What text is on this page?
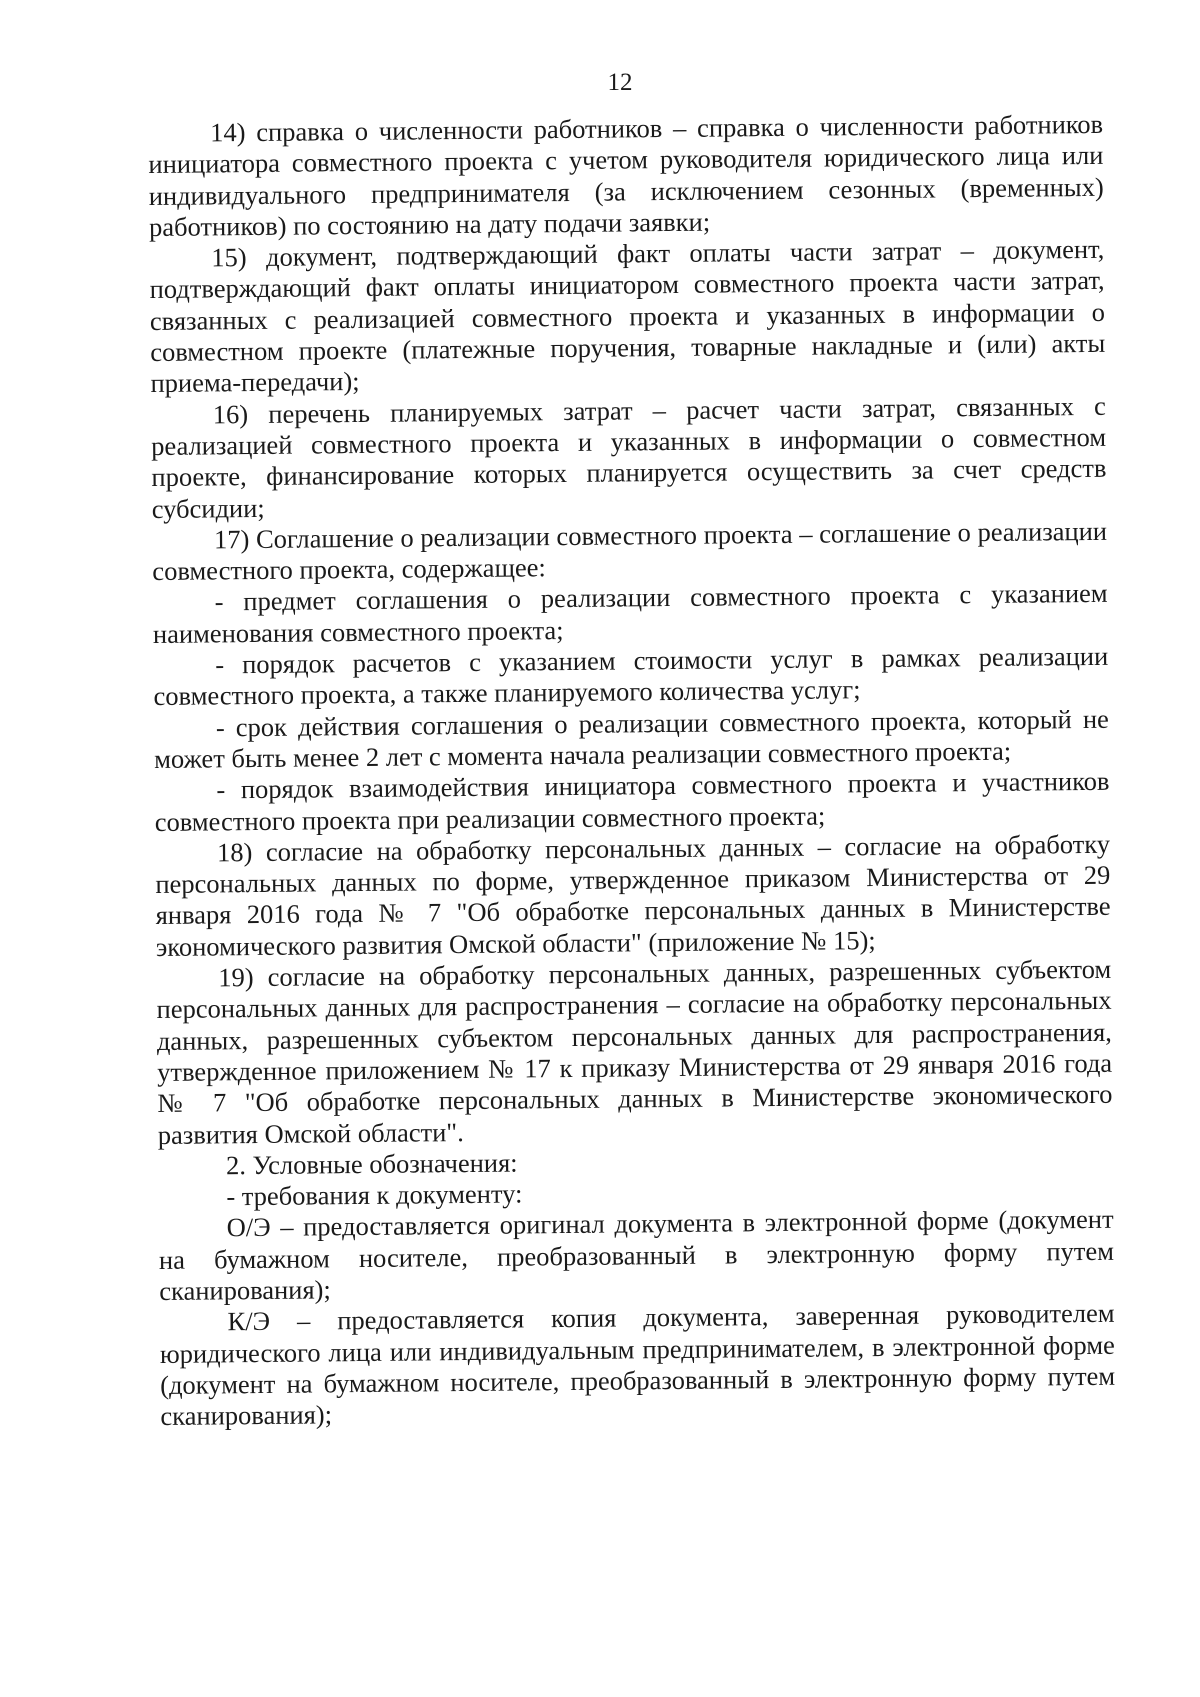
12

14) справка о численности работников – справка о численности работников инициатора совместного проекта с учетом руководителя юридического лица или индивидуального предпринимателя (за исключением сезонных (временных) работников) по состоянию на дату подачи заявки;

15) документ, подтверждающий факт оплаты части затрат – документ, подтверждающий факт оплаты инициатором совместного проекта части затрат, связанных с реализацией совместного проекта и указанных в информации о совместном проекте (платежные поручения, товарные накладные и (или) акты приема-передачи);

16) перечень планируемых затрат – расчет части затрат, связанных с реализацией совместного проекта и указанных в информации о совместном проекте, финансирование которых планируется осуществить за счет средств субсидии;

17) Соглашение о реализации совместного проекта – соглашение о реализации совместного проекта, содержащее:

- предмет соглашения о реализации совместного проекта с указанием наименования совместного проекта;

- порядок расчетов с указанием стоимости услуг в рамках реализации совместного проекта, а также планируемого количества услуг;

- срок действия соглашения о реализации совместного проекта, который не может быть менее 2 лет с момента начала реализации совместного проекта;

- порядок взаимодействия инициатора совместного проекта и участников совместного проекта при реализации совместного проекта;

18) согласие на обработку персональных данных – согласие на обработку персональных данных по форме, утвержденное приказом Министерства от 29 января 2016 года № 7 "Об обработке персональных данных в Министерстве экономического развития Омской области" (приложение № 15);

19) согласие на обработку персональных данных, разрешенных субъектом персональных данных для распространения – согласие на обработку персональных данных, разрешенных субъектом персональных данных для распространения, утвержденное приложением № 17 к приказу Министерства от 29 января 2016 года № 7 "Об обработке персональных данных в Министерстве экономического развития Омской области".

2. Условные обозначения:

- требования к документу:

О/Э – предоставляется оригинал документа в электронной форме (документ на бумажном носителе, преобразованный в электронную форму путем сканирования);

К/Э – предоставляется копия документа, заверенная руководителем юридического лица или индивидуальным предпринимателем, в электронной форме (документ на бумажном носителе, преобразованный в электронную форму путем сканирования);
